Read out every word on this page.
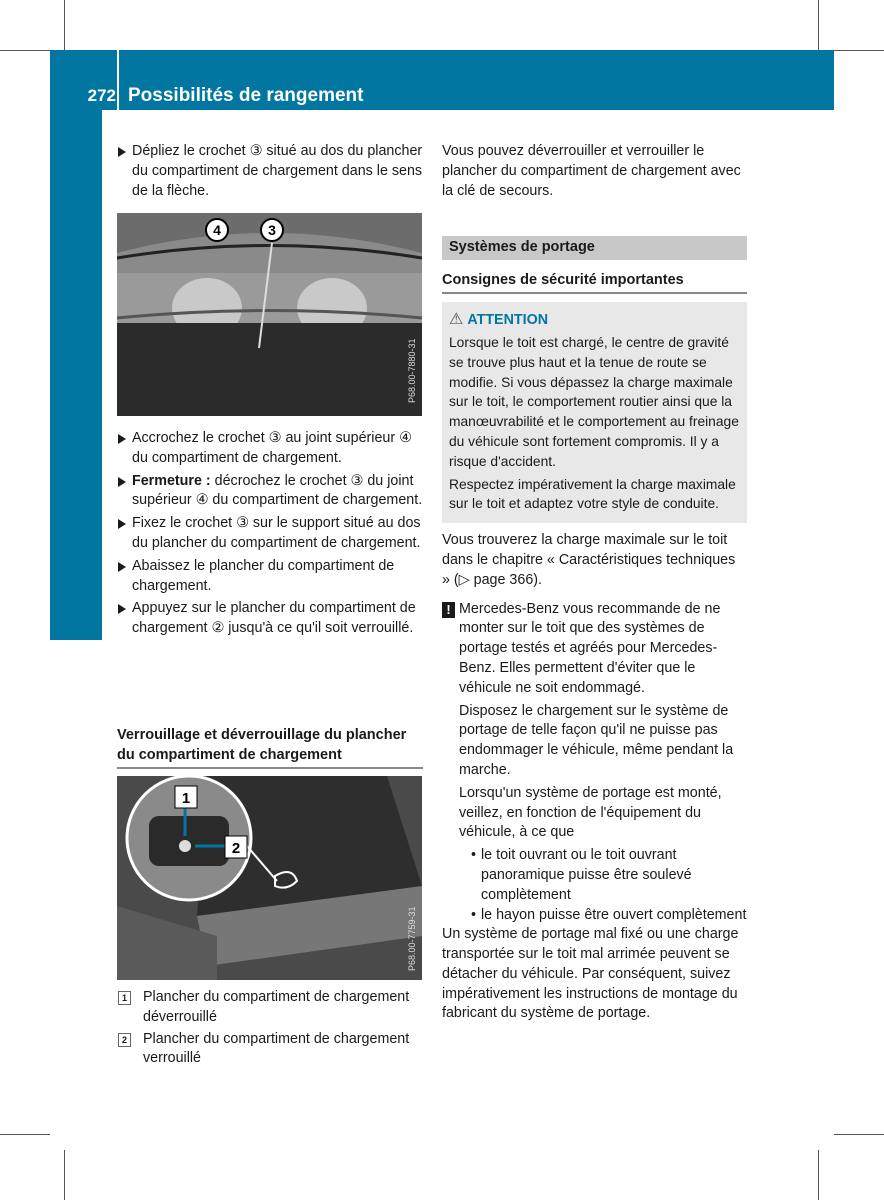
272 Possibilités de rangement
Rangement et autres
Dépliez le crochet ③ situé au dos du plancher du compartiment de chargement dans le sens de la flèche.
4	3
P68.00-7880-31
Accrochez le crochet ③ au joint supérieur ④ du compartiment de chargement.
Fermeture : décrochez le crochet ③ du joint supérieur ④ du compartiment de chargement.
Fixez le crochet ③ sur le support situé au dos du plancher du compartiment de chargement.
Abaissez le plancher du compartiment de chargement.
Appuyez sur le plancher du compartiment de chargement ② jusqu'à ce qu'il soit verrouillé.
Verrouillage et déverrouillage du plancher du compartiment de chargement
1
2
P68.00-7759-31
1 Plancher du compartiment de chargement déverrouillé
2 Plancher du compartiment de chargement verrouillé

Vous pouvez déverrouiller et verrouiller le plancher du compartiment de chargement avec la clé de secours.

Systèmes de portage
Consignes de sécurité importantes
⚠ ATTENTION

Lorsque le toit est chargé, le centre de gravité se trouve plus haut et la tenue de route se modifie. Si vous dépassez la charge maximale sur le toit, le comportement routier ainsi que la manœuvrabilité et le comportement au freinage du véhicule sont fortement compromis. Il y a risque d'accident.

Respectez impérativement la charge maximale sur le toit et adaptez votre style de conduite.

Vous trouverez la charge maximale sur le toit dans le chapitre « Caractéristiques techniques » (▷ page 366).

! Mercedes-Benz vous recommande de ne monter sur le toit que des systèmes de portage testés et agréés pour Mercedes-Benz. Elles permettent d'éviter que le véhicule ne soit endommagé.

Disposez le chargement sur le système de portage de telle façon qu'il ne puisse pas endommager le véhicule, même pendant la marche.

Lorsqu'un système de portage est monté, veillez, en fonction de l'équipement du véhicule, à ce que

• le toit ouvrant ou le toit ouvrant panoramique puisse être soulevé complètement
• le hayon puisse être ouvert complètement

Un système de portage mal fixé ou une charge transportée sur le toit mal arrimée peuvent se détacher du véhicule. Par conséquent, suivez impérativement les instructions de montage du fabricant du système de portage.
